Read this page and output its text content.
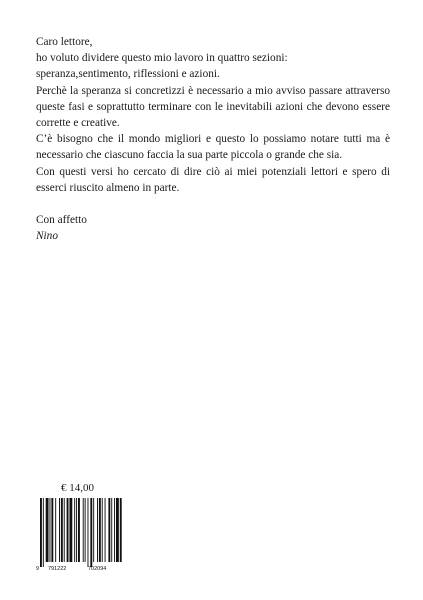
Caro lettore,

ho voluto dividere questo mio lavoro in quattro sezioni:

speranza,sentimento, riflessioni e azioni.

Perchè la speranza si concretizzi è necessario a mio avviso passare attraverso queste fasi e soprattutto terminare con le inevitabili azioni che devono essere corrette e creative.

C’è bisogno che il mondo migliori e questo lo possiamo notare tutti ma è necessario che ciascuno faccia la sua parte piccola o grande che sia.

Con questi versi ho cercato di dire ciò ai miei potenziali lettori e spero di esserci riuscito almeno in parte.

Con affetto

Nino

€ 14,00
9 791222	702094
